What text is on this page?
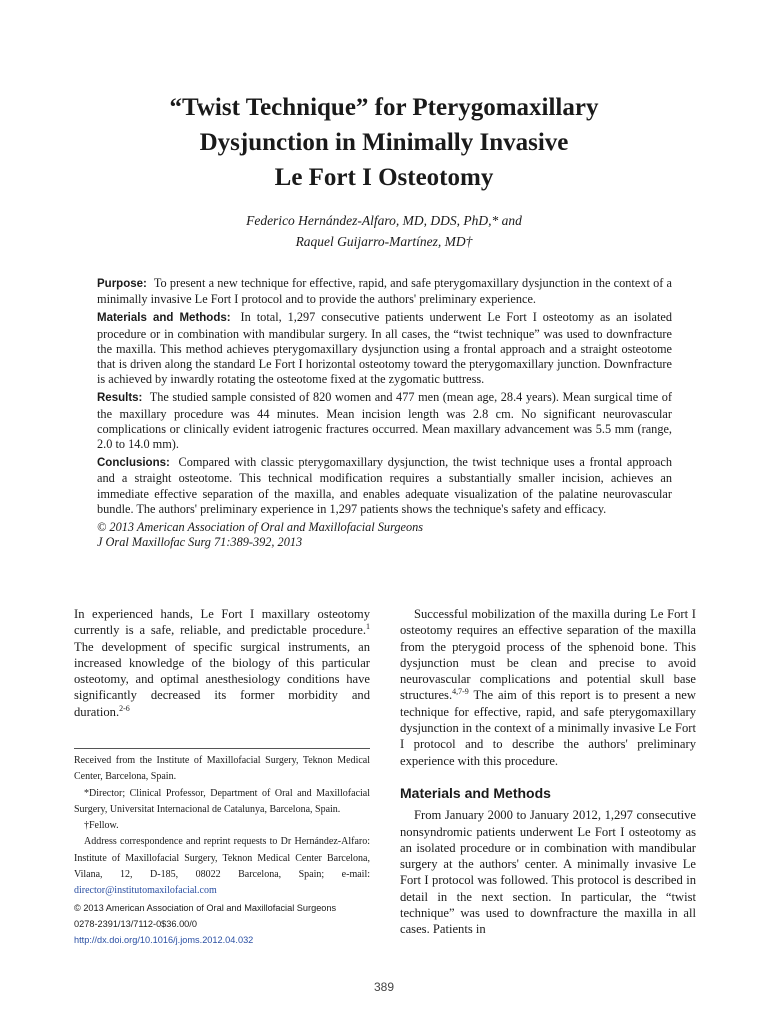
“Twist Technique” for Pterygomaxillary
Dysjunction in Minimally Invasive
Le Fort I Osteotomy
Federico Hernández-Alfaro, MD, DDS, PhD,* and
Raquel Guijarro-Martínez, MD†

Purpose: To present a new technique for effective, rapid, and safe pterygomaxillary dysjunction in the context of a minimally invasive Le Fort I protocol and to provide the authors' preliminary experience.

Materials and Methods: In total, 1,297 consecutive patients underwent Le Fort I osteotomy as an isolated procedure or in combination with mandibular surgery. In all cases, the “twist technique” was used to downfracture the maxilla. This method achieves pterygomaxillary dysjunction using a frontal approach and a straight osteotome that is driven along the standard Le Fort I horizontal osteotomy toward the pterygomaxillary junction. Downfracture is achieved by inwardly rotating the osteotome fixed at the zygomatic buttress.

Results: The studied sample consisted of 820 women and 477 men (mean age, 28.4 years). Mean surgical time of the maxillary procedure was 44 minutes. Mean incision length was 2.8 cm. No significant neurovascular complications or clinically evident iatrogenic fractures occurred. Mean maxillary advancement was 5.5 mm (range, 2.0 to 14.0 mm).

Conclusions: Compared with classic pterygomaxillary dysjunction, the twist technique uses a frontal approach and a straight osteotome. This technical modification requires a substantially smaller incision, achieves an immediate effective separation of the maxilla, and enables adequate visualization of the palatine neurovascular bundle. The authors' preliminary experience in 1,297 patients shows the technique's safety and efficacy.

© 2013 American Association of Oral and Maxillofacial Surgeons

J Oral Maxillofac Surg 71:389-392, 2013

In experienced hands, Le Fort I maxillary osteotomy currently is a safe, reliable, and predictable procedure.$^1$ The development of specific surgical instruments, an increased knowledge of the biology of this particular osteotomy, and optimal anesthesiology conditions have significantly decreased its former morbidity and duration.$^{2-6}$

Received from the Institute of Maxillofacial Surgery, Teknon Medical Center, Barcelona, Spain.

*Director; Clinical Professor, Department of Oral and Maxillofacial Surgery, Universitat Internacional de Catalunya, Barcelona, Spain.

†Fellow.

Address correspondence and reprint requests to Dr Hernández-Alfaro: Institute of Maxillofacial Surgery, Teknon Medical Center Barcelona, Vilana, 12, D-185, 08022 Barcelona, Spain; e-mail: director@institutomaxilofacial.com

© 2013 American Association of Oral and Maxillofacial Surgeons

0278-2391/13/7112-0$36.00/0

http://dx.doi.org/10.1016/j.joms.2012.04.032

Successful mobilization of the maxilla during Le Fort I osteotomy requires an effective separation of the maxilla from the pterygoid process of the sphenoid bone. This dysjunction must be clean and precise to avoid neurovascular complications and potential skull base structures.$^{4,7-9}$ The aim of this report is to present a new technique for effective, rapid, and safe pterygomaxillary dysjunction in the context of a minimally invasive Le Fort I protocol and to describe the authors' preliminary experience with this procedure.

Materials and Methods

From January 2000 to January 2012, 1,297 consecutive nonsyndromic patients underwent Le Fort I osteotomy as an isolated procedure or in combination with mandibular surgery at the authors' center. A minimally invasive Le Fort I protocol was followed. This protocol is described in detail in the next section. In particular, the “twist technique” was used to downfracture the maxilla in all cases. Patients in

389
